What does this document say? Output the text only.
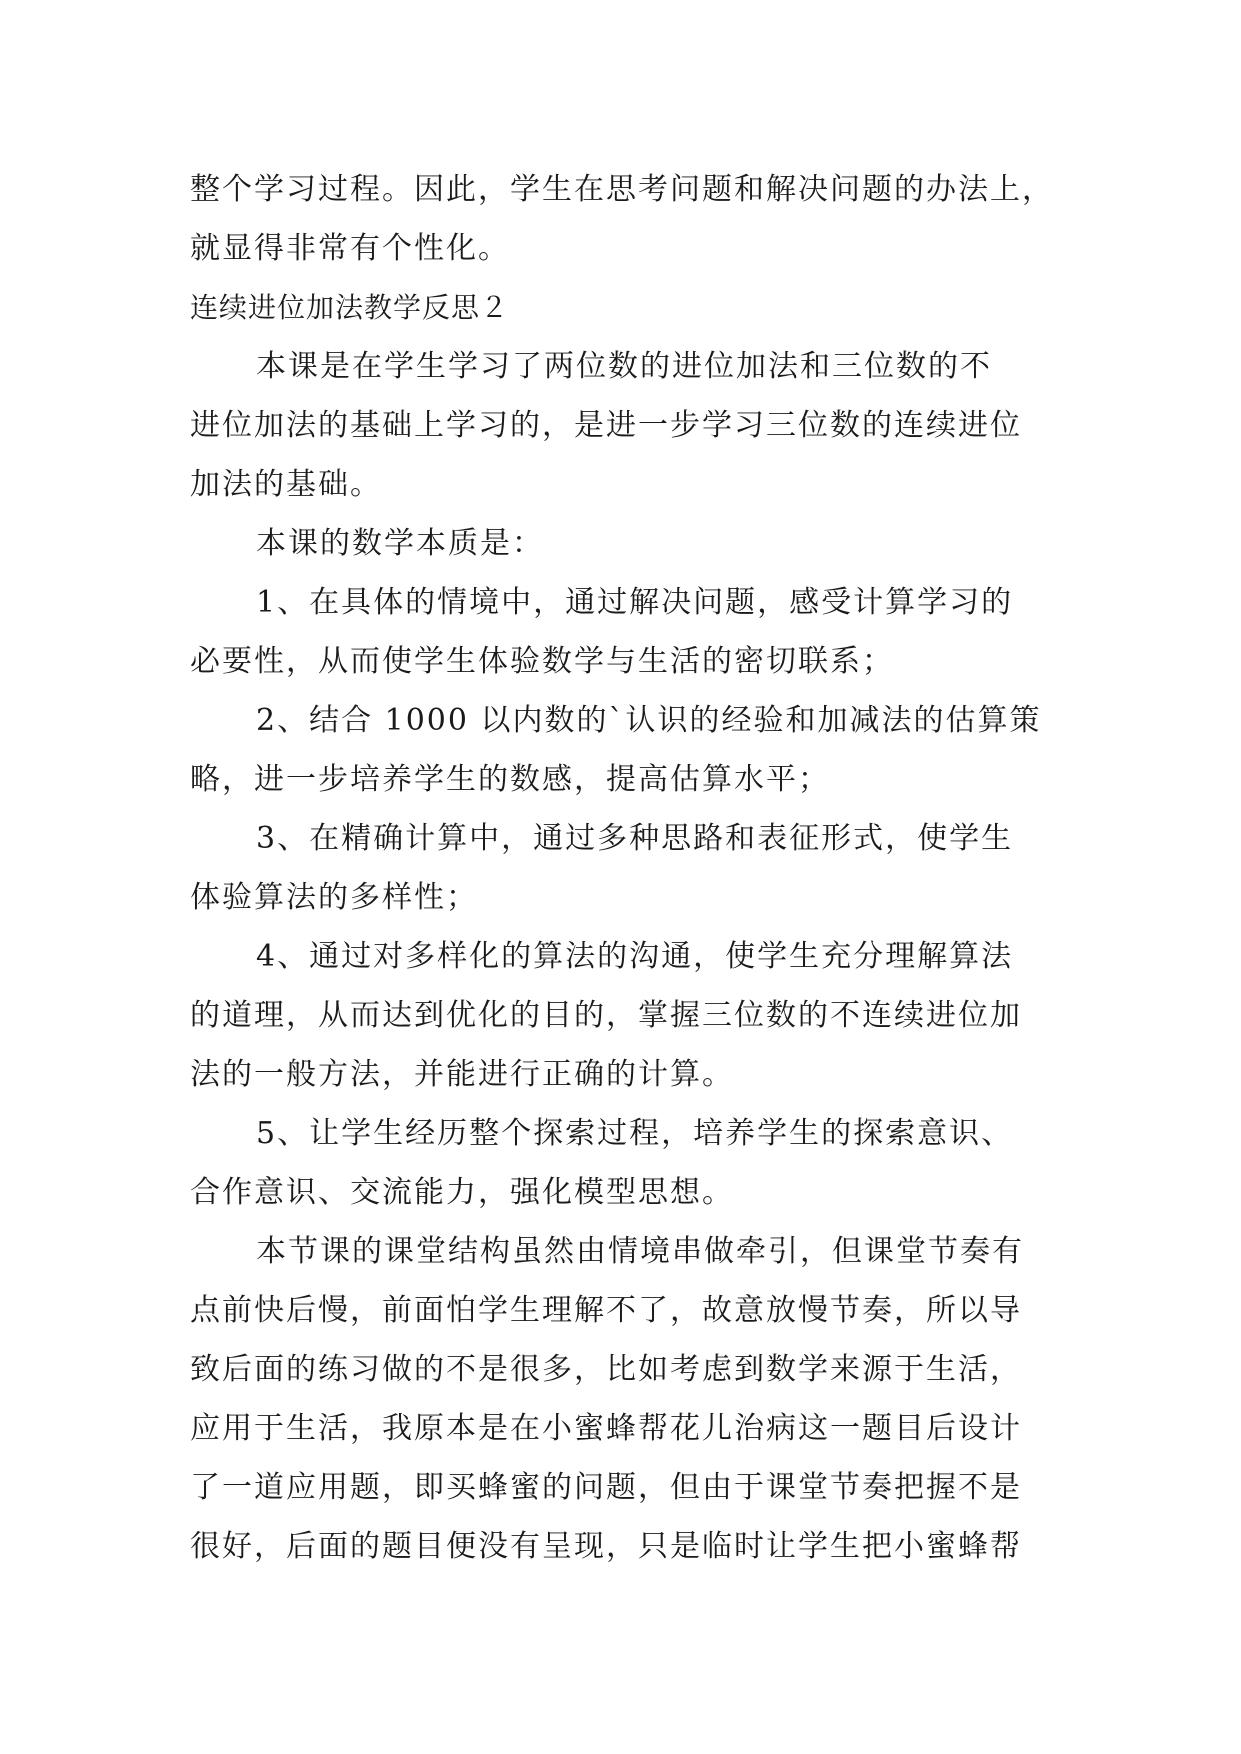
整个学习过程。因此，学生在思考问题和解决问题的办法上，

就显得非常有个性化。

连续进位加法教学反思２

本课是在学生学习了两位数的进位加法和三位数的不

进位加法的基础上学习的，是进一步学习三位数的连续进位

加法的基础。

本课的数学本质是：

1、在具体的情境中，通过解决问题，感受计算学习的

必要性，从而使学生体验数学与生活的密切联系；

2、结合 1000 以内数的`认识的经验和加减法的估算策

略，进一步培养学生的数感，提高估算水平；

3、在精确计算中，通过多种思路和表征形式，使学生

体验算法的多样性；

4、通过对多样化的算法的沟通，使学生充分理解算法

的道理，从而达到优化的目的，掌握三位数的不连续进位加

法的一般方法，并能进行正确的计算。

5、让学生经历整个探索过程，培养学生的探索意识、

合作意识、交流能力，强化模型思想。

本节课的课堂结构虽然由情境串做牵引，但课堂节奏有

点前快后慢，前面怕学生理解不了，故意放慢节奏，所以导

致后面的练习做的不是很多，比如考虑到数学来源于生活，

应用于生活，我原本是在小蜜蜂帮花儿治病这一题目后设计

了一道应用题，即买蜂蜜的问题，但由于课堂节奏把握不是

很好，后面的题目便没有呈现，只是临时让学生把小蜜蜂帮
